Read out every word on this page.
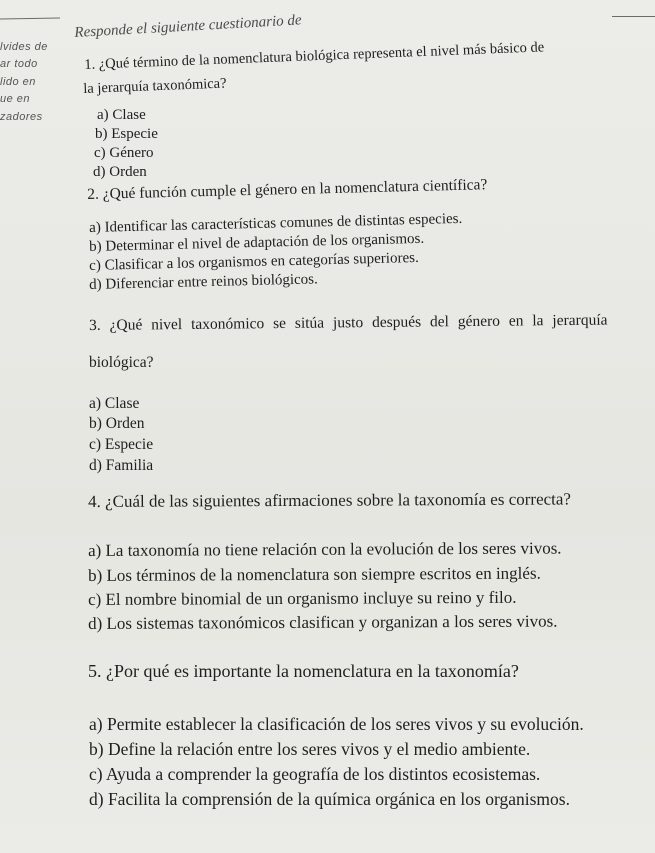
Responde el siguiente cuestionario de
lvides de
ar todo
lido en
ue en
zadores
1. ¿Qué término de la nomenclatura biológica representa el nivel más básico de
la jerarquía taxonómica?
a) Clase
b) Especie
c) Género
d) Orden
2. ¿Qué función cumple el género en la nomenclatura científica?
a) Identificar las características comunes de distintas especies.
b) Determinar el nivel de adaptación de los organismos.
c) Clasificar a los organismos en categorías superiores.
d) Diferenciar entre reinos biológicos.
3. ¿Qué nivel taxonómico se sitúa justo después del género en la jerarquía
biológica?
a) Clase
b) Orden
c) Especie
d) Familia
4. ¿Cuál de las siguientes afirmaciones sobre la taxonomía es correcta?
a) La taxonomía no tiene relación con la evolución de los seres vivos.
b) Los términos de la nomenclatura son siempre escritos en inglés.
c) El nombre binomial de un organismo incluye su reino y filo.
d) Los sistemas taxonómicos clasifican y organizan a los seres vivos.
5. ¿Por qué es importante la nomenclatura en la taxonomía?
a) Permite establecer la clasificación de los seres vivos y su evolución.
b) Define la relación entre los seres vivos y el medio ambiente.
c) Ayuda a comprender la geografía de los distintos ecosistemas.
d) Facilita la comprensión de la química orgánica en los organismos.
